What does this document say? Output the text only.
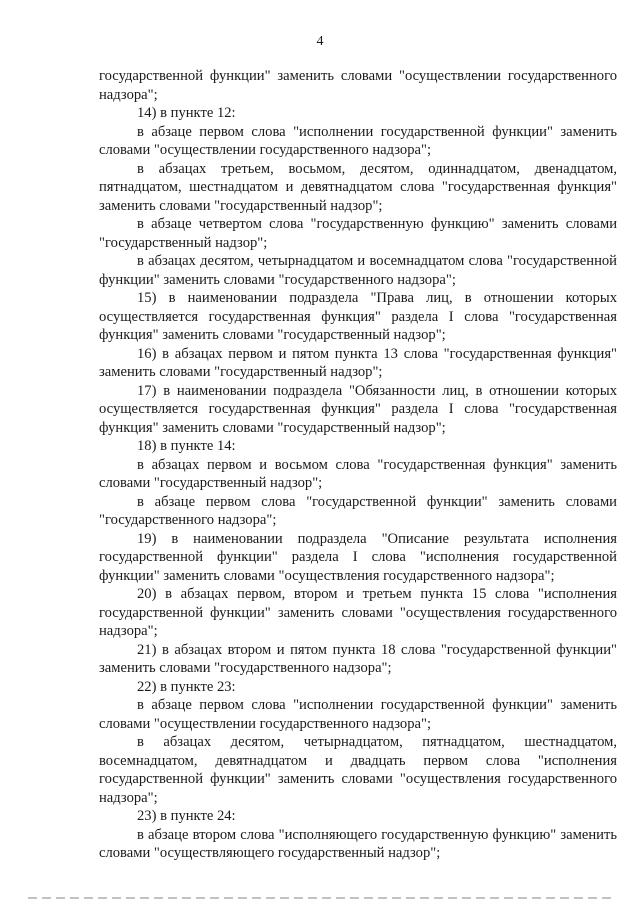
4

государственной функции" заменить словами "осуществлении государственного надзора";

14) в пункте 12:

в абзаце первом слова "исполнении государственной функции" заменить словами "осуществлении государственного надзора";

в абзацах третьем, восьмом, десятом, одиннадцатом, двенадцатом, пятнадцатом, шестнадцатом и девятнадцатом слова "государственная функция" заменить словами "государственный надзор";

в абзаце четвертом слова "государственную функцию" заменить словами "государственный надзор";

в абзацах десятом, четырнадцатом и восемнадцатом слова "государственной функции" заменить словами "государственного надзора";

15) в наименовании подраздела "Права лиц, в отношении которых осуществляется государственная функция" раздела I слова "государственная функция" заменить словами "государственный надзор";

16) в абзацах первом и пятом пункта 13 слова "государственная функция" заменить словами "государственный надзор";

17) в наименовании подраздела "Обязанности лиц, в отношении которых осуществляется государственная функция" раздела I слова "государственная функция" заменить словами "государственный надзор";

18) в пункте 14:

в абзацах первом и восьмом слова "государственная функция" заменить словами "государственный надзор";

в абзаце первом слова "государственной функции" заменить словами "государственного надзора";

19) в наименовании подраздела "Описание результата исполнения государственной функции" раздела I слова "исполнения государственной функции" заменить словами "осуществления государственного надзора";

20) в абзацах первом, втором и третьем пункта 15 слова "исполнения государственной функции" заменить словами "осуществления государственного надзора";

21) в абзацах втором и пятом пункта 18 слова "государственной функции" заменить словами "государственного надзора";

22) в пункте 23:

в абзаце первом слова "исполнении государственной функции" заменить словами "осуществлении государственного надзора";

в абзацах десятом, четырнадцатом, пятнадцатом, шестнадцатом, восемнадцатом, девятнадцатом и двадцать первом слова "исполнения государственной функции" заменить словами "осуществления государственного надзора";

23) в пункте 24:

в абзаце втором слова "исполняющего государственную функцию" заменить словами "осуществляющего государственный надзор";
